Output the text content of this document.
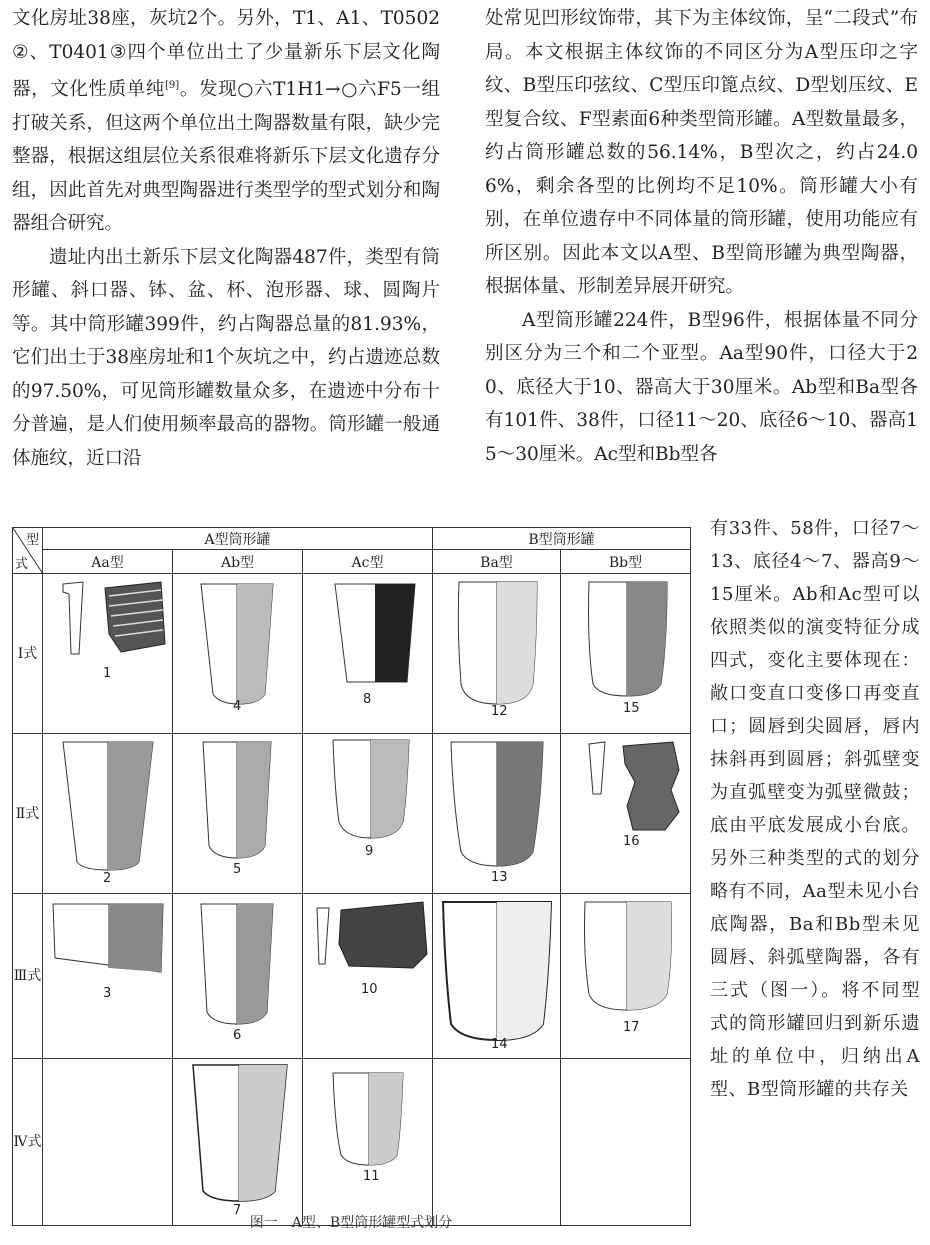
文化房址38座，灰坑2个。另外，T1、A1、T0502②、T0401③四个单位出土了少量新乐下层文化陶器，文化性质单纯[9]。发现○六T1H1→○六F5一组打破关系，但这两个单位出土陶器数量有限，缺少完整器，根据这组层位关系很难将新乐下层文化遗存分组，因此首先对典型陶器进行类型学的型式划分和陶器组合研究。

遗址内出土新乐下层文化陶器487件，类型有筒形罐、斜口器、钵、盆、杯、泡形器、球、圆陶片等。其中筒形罐399件，约占陶器总量的81.93%，它们出土于38座房址和1个灰坑之中，约占遗迹总数的97.50%，可见筒形罐数量众多，在遗迹中分布十分普遍，是人们使用频率最高的器物。筒形罐一般通体施纹，近口沿

处常见凹形纹饰带，其下为主体纹饰，呈“二段式”布局。本文根据主体纹饰的不同区分为A型压印之字纹、B型压印弦纹、C型压印篦点纹、D型划压纹、E型复合纹、F型素面6种类型筒形罐。A型数量最多，约占筒形罐总数的56.14%，B型次之，约占24.06%，剩余各型的比例均不足10%。筒形罐大小有别，在单位遗存中不同体量的筒形罐，使用功能应有所区别。因此本文以A型、B型筒形罐为典型陶器，根据体量、形制差异展开研究。

A型筒形罐224件，B型96件，根据体量不同分别区分为三个和二个亚型。Aa型90件，口径大于20、底径大于10、器高大于30厘米。Ab型和Ba型各有101件、38件，口径11～20、底径6～10、器高15～30厘米。Ac型和Bb型各

有33件、58件，口径7～13、底径4～7、器高9～15厘米。Ab和Ac型可以依照类似的演变特征分成四式，变化主要体现在：敞口变直口变侈口再变直口；圆唇到尖圆唇，唇内抹斜再到圆唇；斜弧壁变为直弧壁变为弧壁微鼓；底由平底发展成小台底。另外三种类型的式的划分略有不同，Aa型未见小台底陶器，Ba和Bb型未见圆唇、斜弧壁陶器，各有三式（图一）。将不同型式的筒形罐回归到新乐遗址的单位中，归纳出A型、B型筒形罐的共存关
型
式	A型筒形罐			B型筒形罐	
	Aa型	Ab型	Ac型	Ba型	Bb型
Ⅰ式	1	4	8	12	15

Ⅱ式	2	5	9	13	16

Ⅲ式	3	6	10	14	17

Ⅳ式		7	11		

图一　A型、B型筒形罐型式划分
